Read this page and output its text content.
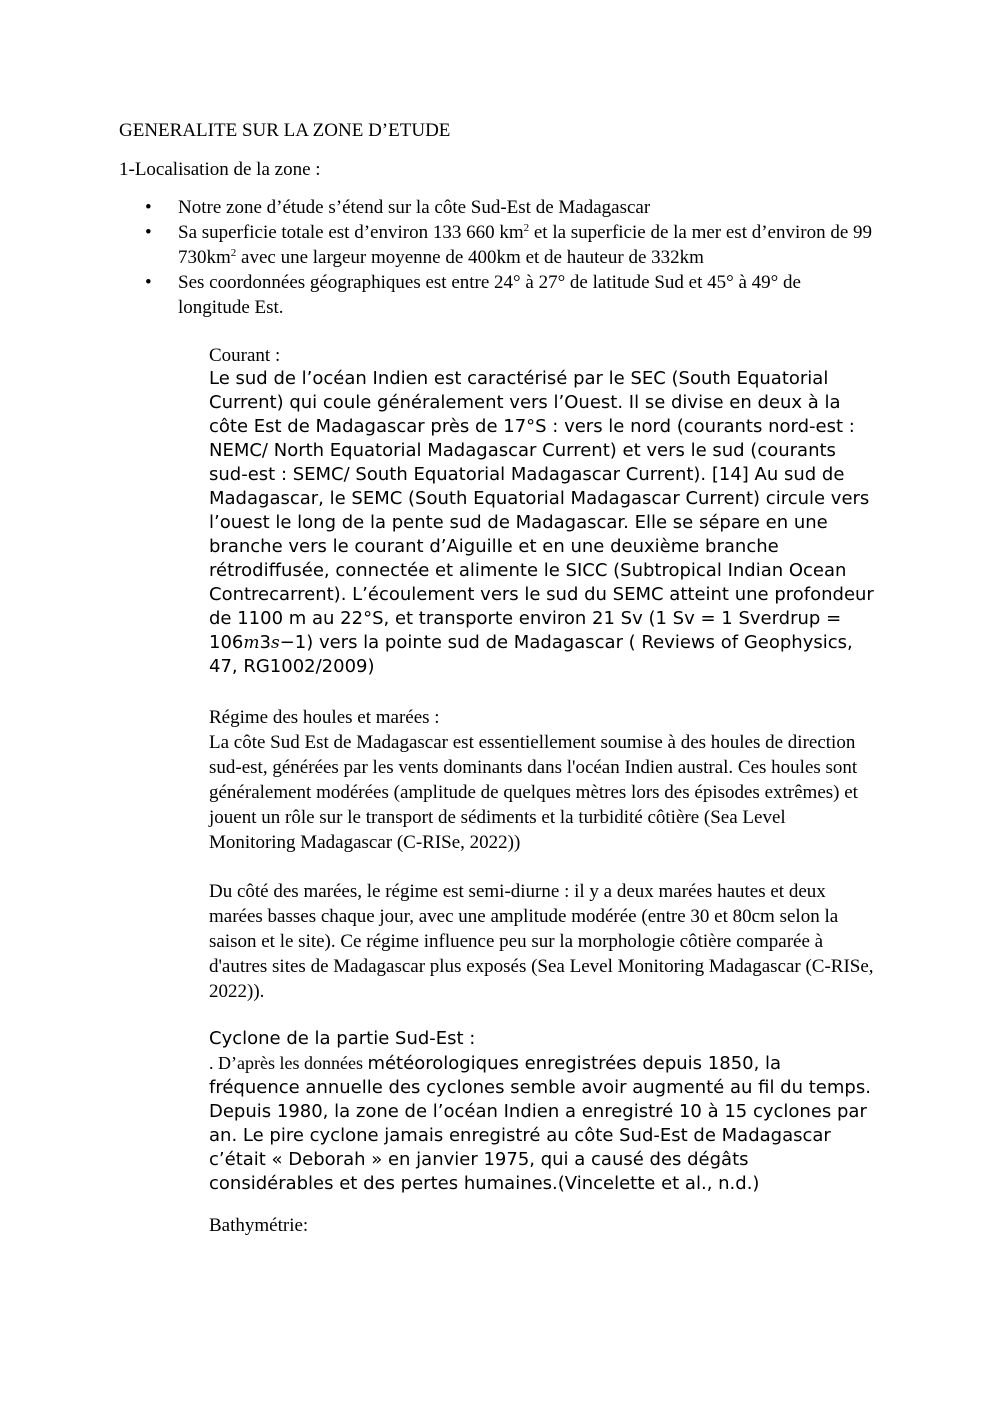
GENERALITE SUR LA ZONE D’ETUDE

1-Localisation de la zone :

• Notre zone d’étude s’étend sur la côte Sud-Est de Madagascar
• Sa superficie totale est d’environ 133 660 $km^2$ et la superficie de la mer est d’environ de 99 $730km^2$ avec une largeur moyenne de 400km et de hauteur de 332km
• Ses coordonnées géographiques est entre 24° à 27° de latitude Sud et 45° à 49° de longitude Est.

Courant :

Le sud de l’océan Indien est caractérisé par le SEC (South Equatorial Current) qui coule généralement vers l’Ouest. Il se divise en deux à la côte Est de Madagascar près de 17°S : vers le nord (courants nord-est : NEMC/ North Equatorial Madagascar Current) et vers le sud (courants sud-est : SEMC/ South Equatorial Madagascar Current). [14] Au sud de Madagascar, le SEMC (South Equatorial Madagascar Current) circule vers l’ouest le long de la pente sud de Madagascar. Elle se sépare en une branche vers le courant d’Aiguille et en une deuxième branche rétrodiffusée, connectée et alimente le SICC (Subtropical Indian Ocean Contrecarrent). L’écoulement vers le sud du SEMC atteint une profondeur de 1100 m au 22°S, et transporte environ 21 Sv (1 Sv = 1 Sverdrup = 106m3s−1) vers la pointe sud de Madagascar ( Reviews of Geophysics, 47, RG1002/2009)

Régime des houles et marées :

La côte Sud Est de Madagascar est essentiellement soumise à des houles de direction sud-est, générées par les vents dominants dans l'océan Indien austral. Ces houles sont généralement modérées (amplitude de quelques mètres lors des épisodes extrêmes) et jouent un rôle sur le transport de sédiments et la turbidité côtière (Sea Level Monitoring Madagascar (C-RISe, 2022))

Du côté des marées, le régime est semi-diurne : il y a deux marées hautes et deux marées basses chaque jour, avec une amplitude modérée (entre 30 et 80cm selon la saison et le site). Ce régime influence peu sur la morphologie côtière comparée à d'autres sites de Madagascar plus exposés (Sea Level Monitoring Madagascar (C-RISe, 2022)).

Cyclone de la partie Sud-Est :

. D’après les données météorologiques enregistrées depuis 1850, la fréquence annuelle des cyclones semble avoir augmenté au fil du temps. Depuis 1980, la zone de l’océan Indien a enregistré 10 à 15 cyclones par an. Le pire cyclone jamais enregistré au côte Sud-Est de Madagascar c’était « Deborah » en janvier 1975, qui a causé des dégâts considérables et des pertes humaines.(Vincelette et al., n.d.)

Bathymétrie:
